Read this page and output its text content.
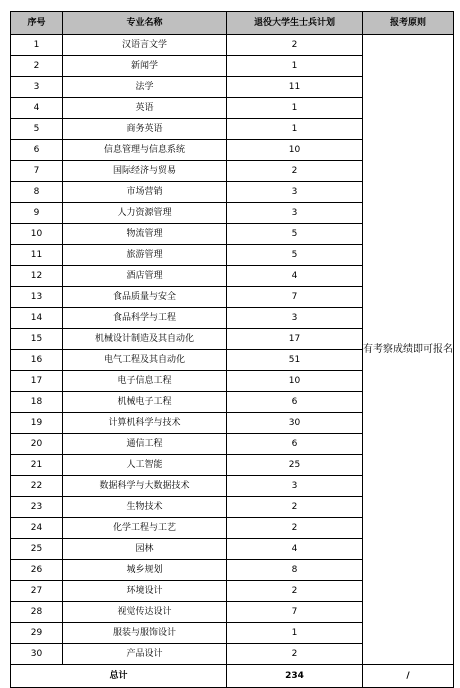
序号	专业名称	退役大学生士兵计划	报考原则
1	汉语言文学	2	有考察成绩即可报名
2	新闻学	1	
3	法学	11	
4	英语	1	
5	商务英语	1	
6	信息管理与信息系统	10	
7	国际经济与贸易	2	
8	市场营销	3	
9	人力资源管理	3	
10	物流管理	5	
11	旅游管理	5	
12	酒店管理	4	
13	食品质量与安全	7	
14	食品科学与工程	3	
15	机械设计制造及其自动化	17	
16	电气工程及其自动化	51	
17	电子信息工程	10	
18	机械电子工程	6	
19	计算机科学与技术	30	
20	通信工程	6	
21	人工智能	25	
22	数据科学与大数据技术	3	
23	生物技术	2	
24	化学工程与工艺	2	
25	园林	4	
26	城乡规划	8	
27	环境设计	2	
28	视觉传达设计	7	
29	服装与服饰设计	1	
30	产品设计	2	
总计		234	/
